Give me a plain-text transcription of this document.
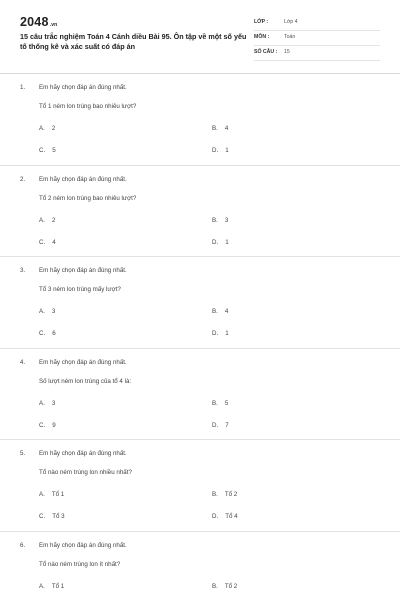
2048.vn
15 câu trắc nghiệm Toán 4 Cánh diều Bài 95. Ôn tập về một số yếu tố thống kê và xác suất có đáp án
LỚP :	Lớp 4
MÔN :	Toán
SỐ CÂU : 15
1. Em hãy chọn đáp án đúng nhất.
Tổ 1 ném lon trúng bao nhiêu lượt?
A. 2	B. 4
C. 5	D. 1
2. Em hãy chọn đáp án đúng nhất.
Tổ 2 ném lon trúng bao nhiêu lượt?
A. 2	B. 3
C. 4	D. 1
3. Em hãy chọn đáp án đúng nhất.
Tổ 3 ném lon trúng mấy lượt?
A. 3	B. 4
C. 6	D. 1
4. Em hãy chọn đáp án đúng nhất.
Số lượt ném lon trúng của tổ 4 là:
A. 3	B. 5
C. 9	D. 7
5. Em hãy chọn đáp án đúng nhất.
Tổ nào ném trúng lon nhiều nhất?
A. Tổ 1	B. Tổ 2
C. Tổ 3	D. Tổ 4
6. Em hãy chọn đáp án đúng nhất.
Tổ nào ném trúng lon ít nhất?
A. Tổ 1	B. Tổ 2
